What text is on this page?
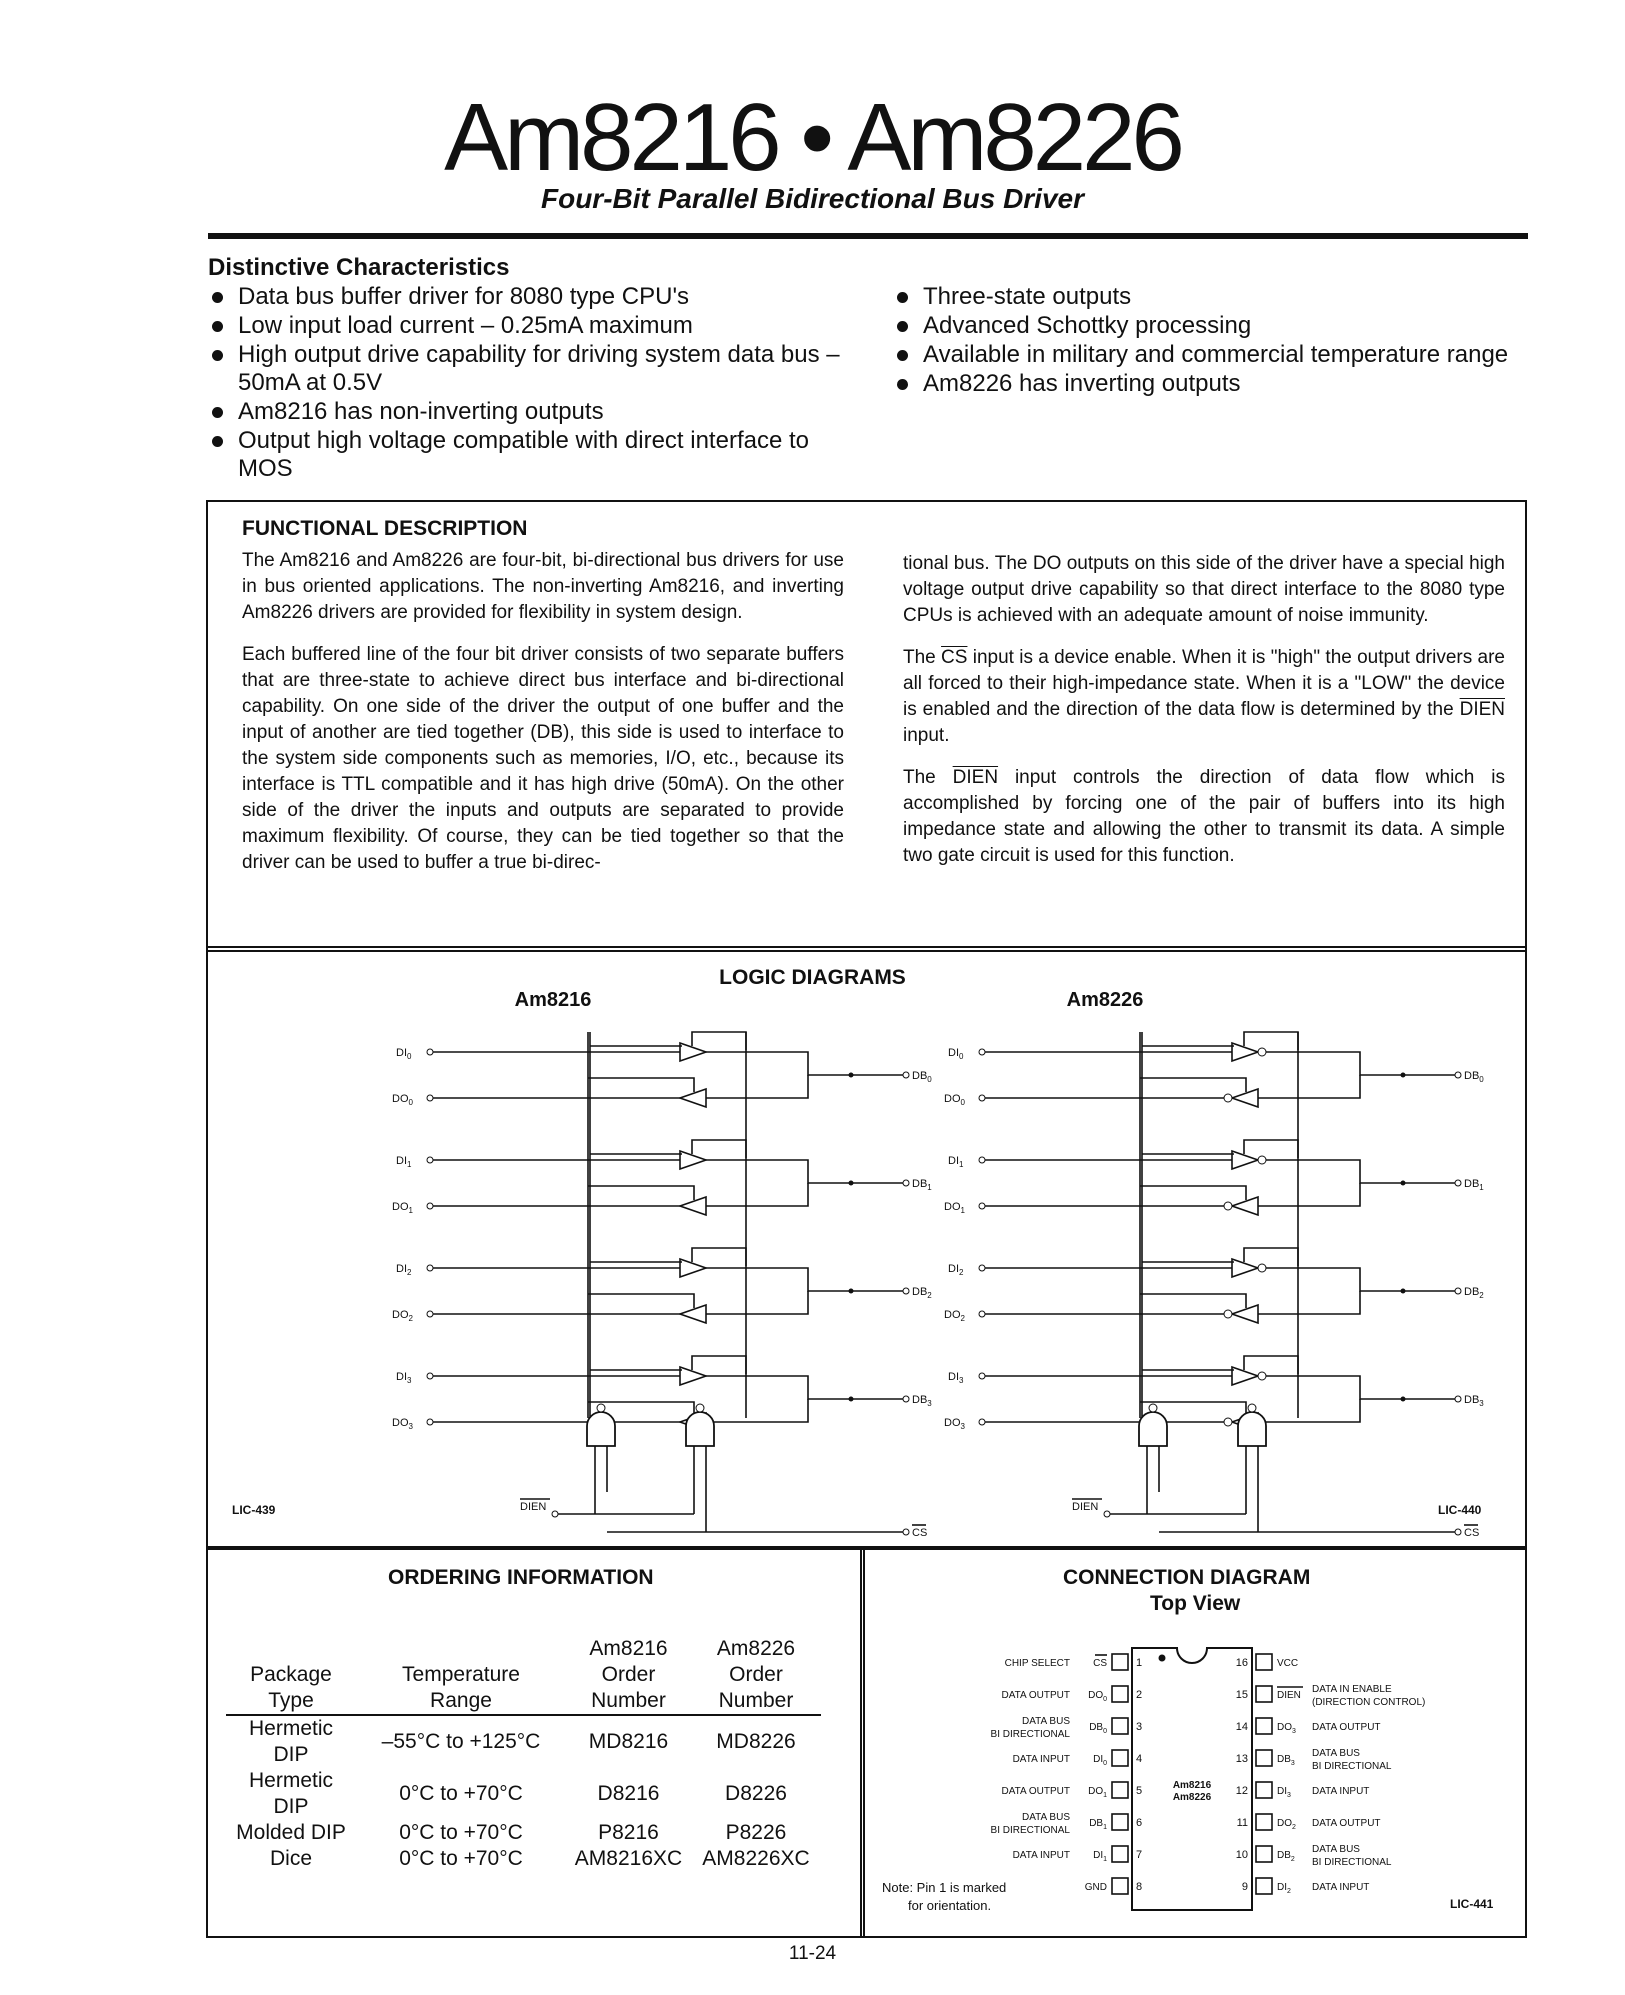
Am8216 • Am8226
Four-Bit Parallel Bidirectional Bus Driver
Distinctive Characteristics
Data bus buffer driver for 8080 type CPU's
Low input load current – 0.25mA maximum
High output drive capability for driving system data bus – 50mA at 0.5V
Am8216 has non-inverting outputs
Output high voltage compatible with direct interface to MOS
Three-state outputs
Advanced Schottky processing
Available in military and commercial temperature range
Am8226 has inverting outputs
FUNCTIONAL DESCRIPTION

The Am8216 and Am8226 are four-bit, bi-directional bus drivers for use in bus oriented applications. The non-inverting Am8216, and inverting Am8226 drivers are provided for flexibility in system design.

Each buffered line of the four bit driver consists of two separate buffers that are three-state to achieve direct bus interface and bi-directional capability. On one side of the driver the output of one buffer and the input of another are tied together (DB), this side is used to interface to the system side components such as memories, I/O, etc., because its interface is TTL compatible and it has high drive (50mA). On the other side of the driver the inputs and outputs are separated to provide maximum flexibility. Of course, they can be tied together so that the driver can be used to buffer a true bi-direc-

tional bus. The DO outputs on this side of the driver have a special high voltage output drive capability so that direct interface to the 8080 type CPUs is achieved with an adequate amount of noise immunity.

The $\overline{CS}$ input is a device enable. When it is "high" the output drivers are all forced to their high-impedance state. When it is a "LOW" the device is enabled and the direction of the data flow is determined by the DIEN input.

The DIEN input controls the direction of data flow which is accomplished by forcing one of the pair of buffers into its high impedance state and allowing the other to transmit its data. A simple two gate circuit is used for this function.

LOGIC DIAGRAMS
Am8216
$DI_0$
$DO_0$
$DB_0$
$DI_1$
$DO_1$
$DB_1$
$DI_2$
$DO_2$
$DB_2$
$DI_3$
$DO_3$
$DB_3$
DIEN
CS
Am8226
$DI_0$
$DO_0$
$DB_0$
$DI_1$
$DO_1$
$DB_1$
$DI_2$
$DO_2$
$DB_2$
$DI_3$
$DO_3$
$DB_3$
DIEN
CS
LIC-439	LIC-440
ORDERING INFORMATION
		Am8216	Am8226
Package	Temperature	Order	Order
Type	Range	Number	Number
Hermetic DIP	–55°C to +125°C	MD8216	MD8226
Hermetic DIP	0°C to +70°C	D8216	D8226
Molded DIP	0°C to +70°C	P8216	P8226
Dice	0°C to +70°C	AM8216XC	AM8226XC
CONNECTION DIAGRAM
Top View
Am8216
Am8226
1
CS
CHIP SELECT
2
$DO_0$
DATA OUTPUT
3
$DB_0$
DATA BUS
BI DIRECTIONAL
4
$DI_0$
DATA INPUT
5
$DO_1$
DATA OUTPUT
6
$DB_1$
DATA BUS
BI DIRECTIONAL
7
$DI_1$
DATA INPUT
8
GND
16	VCC
15	DIEN
DATA IN ENABLE
(DIRECTION CONTROL)
14	$DO_3$ DATA OUTPUT
13	$DB_3$
DATA BUS
BI DIRECTIONAL
12	$DI_3$ DATA INPUT
11	$DO_2$ DATA OUTPUT
10	$DB_2$
DATA BUS
BI DIRECTIONAL
9	$DI_2$ DATA INPUT
Note: Pin 1 is marked
for orientation.	LIC-441
11-24
